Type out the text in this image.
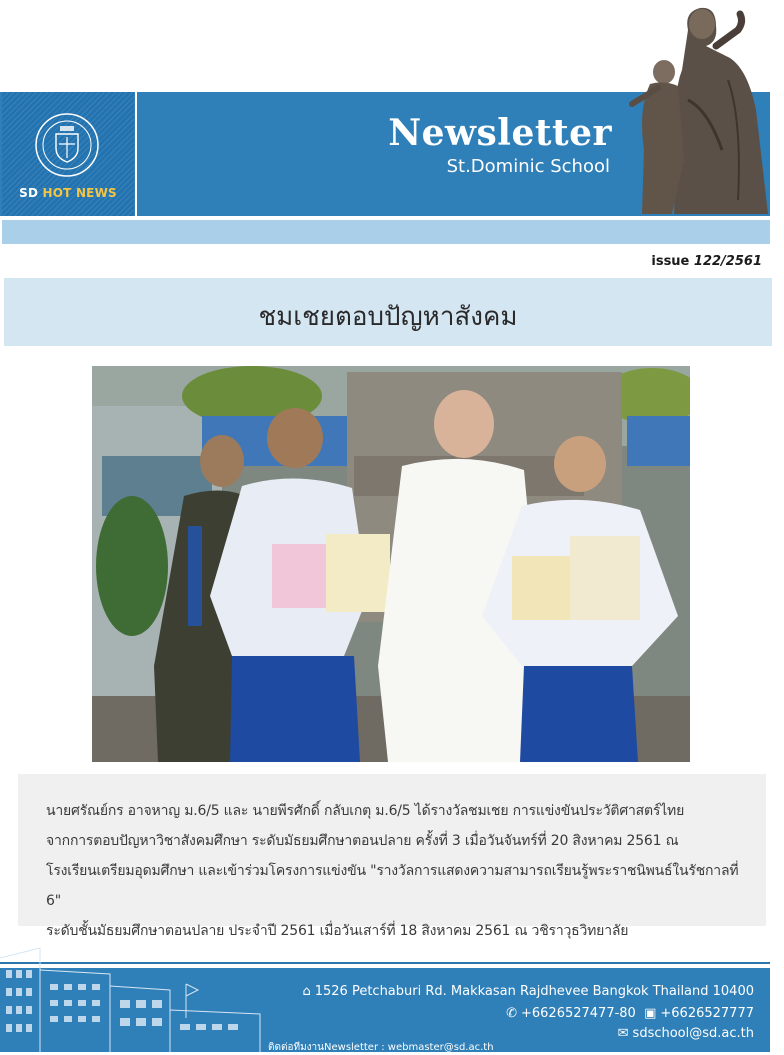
SD HOT NEWS
Newsletter
St.Dominic School
issue 122/2561
ชมเชยตอบปัญหาสังคม
นายศรัณย์กร อาจหาญ ม.6/5 และ นายพีรศักดิ์ กลับเกตุ ม.6/5 ได้รางวัลชมเชย การแข่งขันประวัติศาสตร์ไทย
จากการตอบปัญหาวิชาสังคมศึกษา ระดับมัธยมศึกษาตอนปลาย ครั้งที่ 3 เมื่อวันจันทร์ที่ 20 สิงหาคม 2561 ณ
โรงเรียนเตรียมอุดมศึกษา และเข้าร่วมโครงการแข่งขัน "รางวัลการแสดงความสามารถเรียนรู้พระราชนิพนธ์ในรัชกาลที่ 6"
ระดับชั้นมัธยมศึกษาตอนปลาย ประจำปี 2561 เมื่อวันเสาร์ที่ 18 สิงหาคม 2561 ณ วชิราวุธวิทยาลัย
⌂ 1526 Petchaburi Rd. Makkasan Rajdhevee Bangkok Thailand 10400
✆ +6626527477-80 ▣ +6626527777
✉ sdschool@sd.ac.th
ติดต่อทีมงานNewsletter : webmaster@sd.ac.th
